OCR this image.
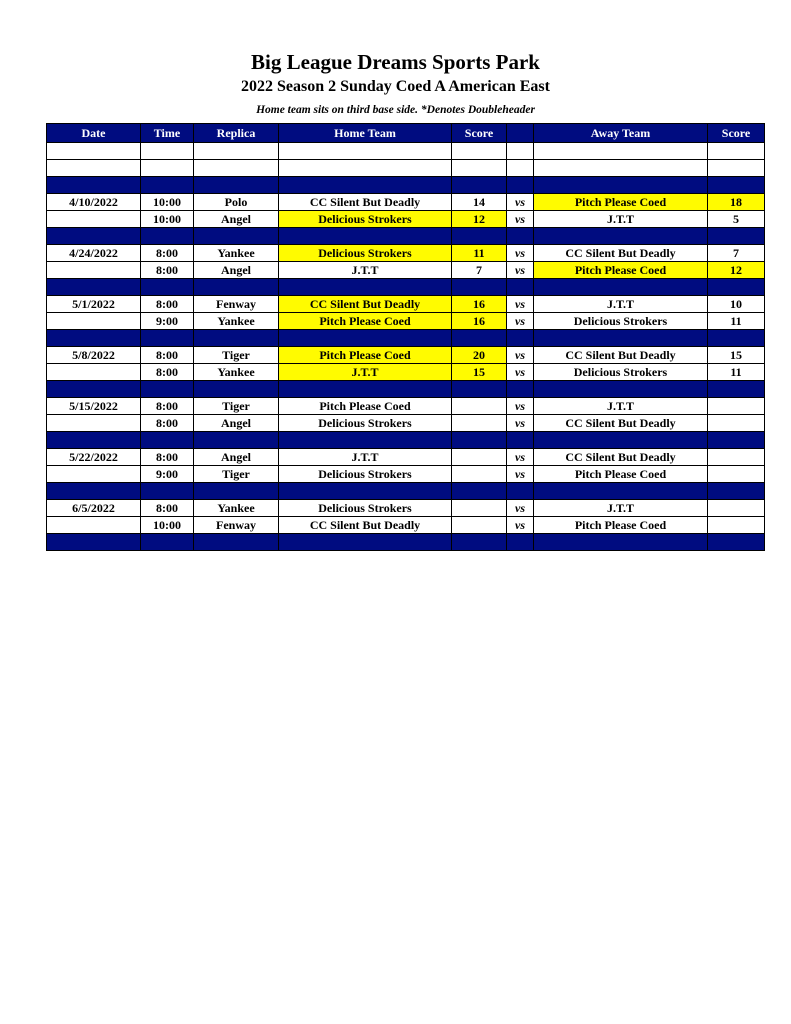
Big League Dreams Sports Park
2022 Season 2 Sunday Coed A American East
Home team sits on third base side. *Denotes Doubleheader
Date	Time	Replica	Home Team	Score		Away Team	Score

4/10/2022	10:00	Polo	CC Silent But Deadly	14	vs	Pitch Please Coed	18
	10:00	Angel	Delicious Strokers	12	vs	J.T.T	5

4/24/2022	8:00	Yankee	Delicious Strokers	11	vs	CC Silent But Deadly	7
	8:00	Angel	J.T.T	7	vs	Pitch Please Coed	12

5/1/2022	8:00	Fenway	CC Silent But Deadly	16	vs	J.T.T	10
	9:00	Yankee	Pitch Please Coed	16	vs	Delicious Strokers	11

5/8/2022	8:00	Tiger	Pitch Please Coed	20	vs	CC Silent But Deadly	15
	8:00	Yankee	J.T.T	15	vs	Delicious Strokers	11

5/15/2022	8:00	Tiger	Pitch Please Coed		vs	J.T.T	
	8:00	Angel	Delicious Strokers		vs	CC Silent But Deadly	

5/22/2022	8:00	Angel	J.T.T		vs	CC Silent But Deadly	
	9:00	Tiger	Delicious Strokers		vs	Pitch Please Coed	

6/5/2022	8:00	Yankee	Delicious Strokers		vs	J.T.T	
	10:00	Fenway	CC Silent But Deadly		vs	Pitch Please Coed	
